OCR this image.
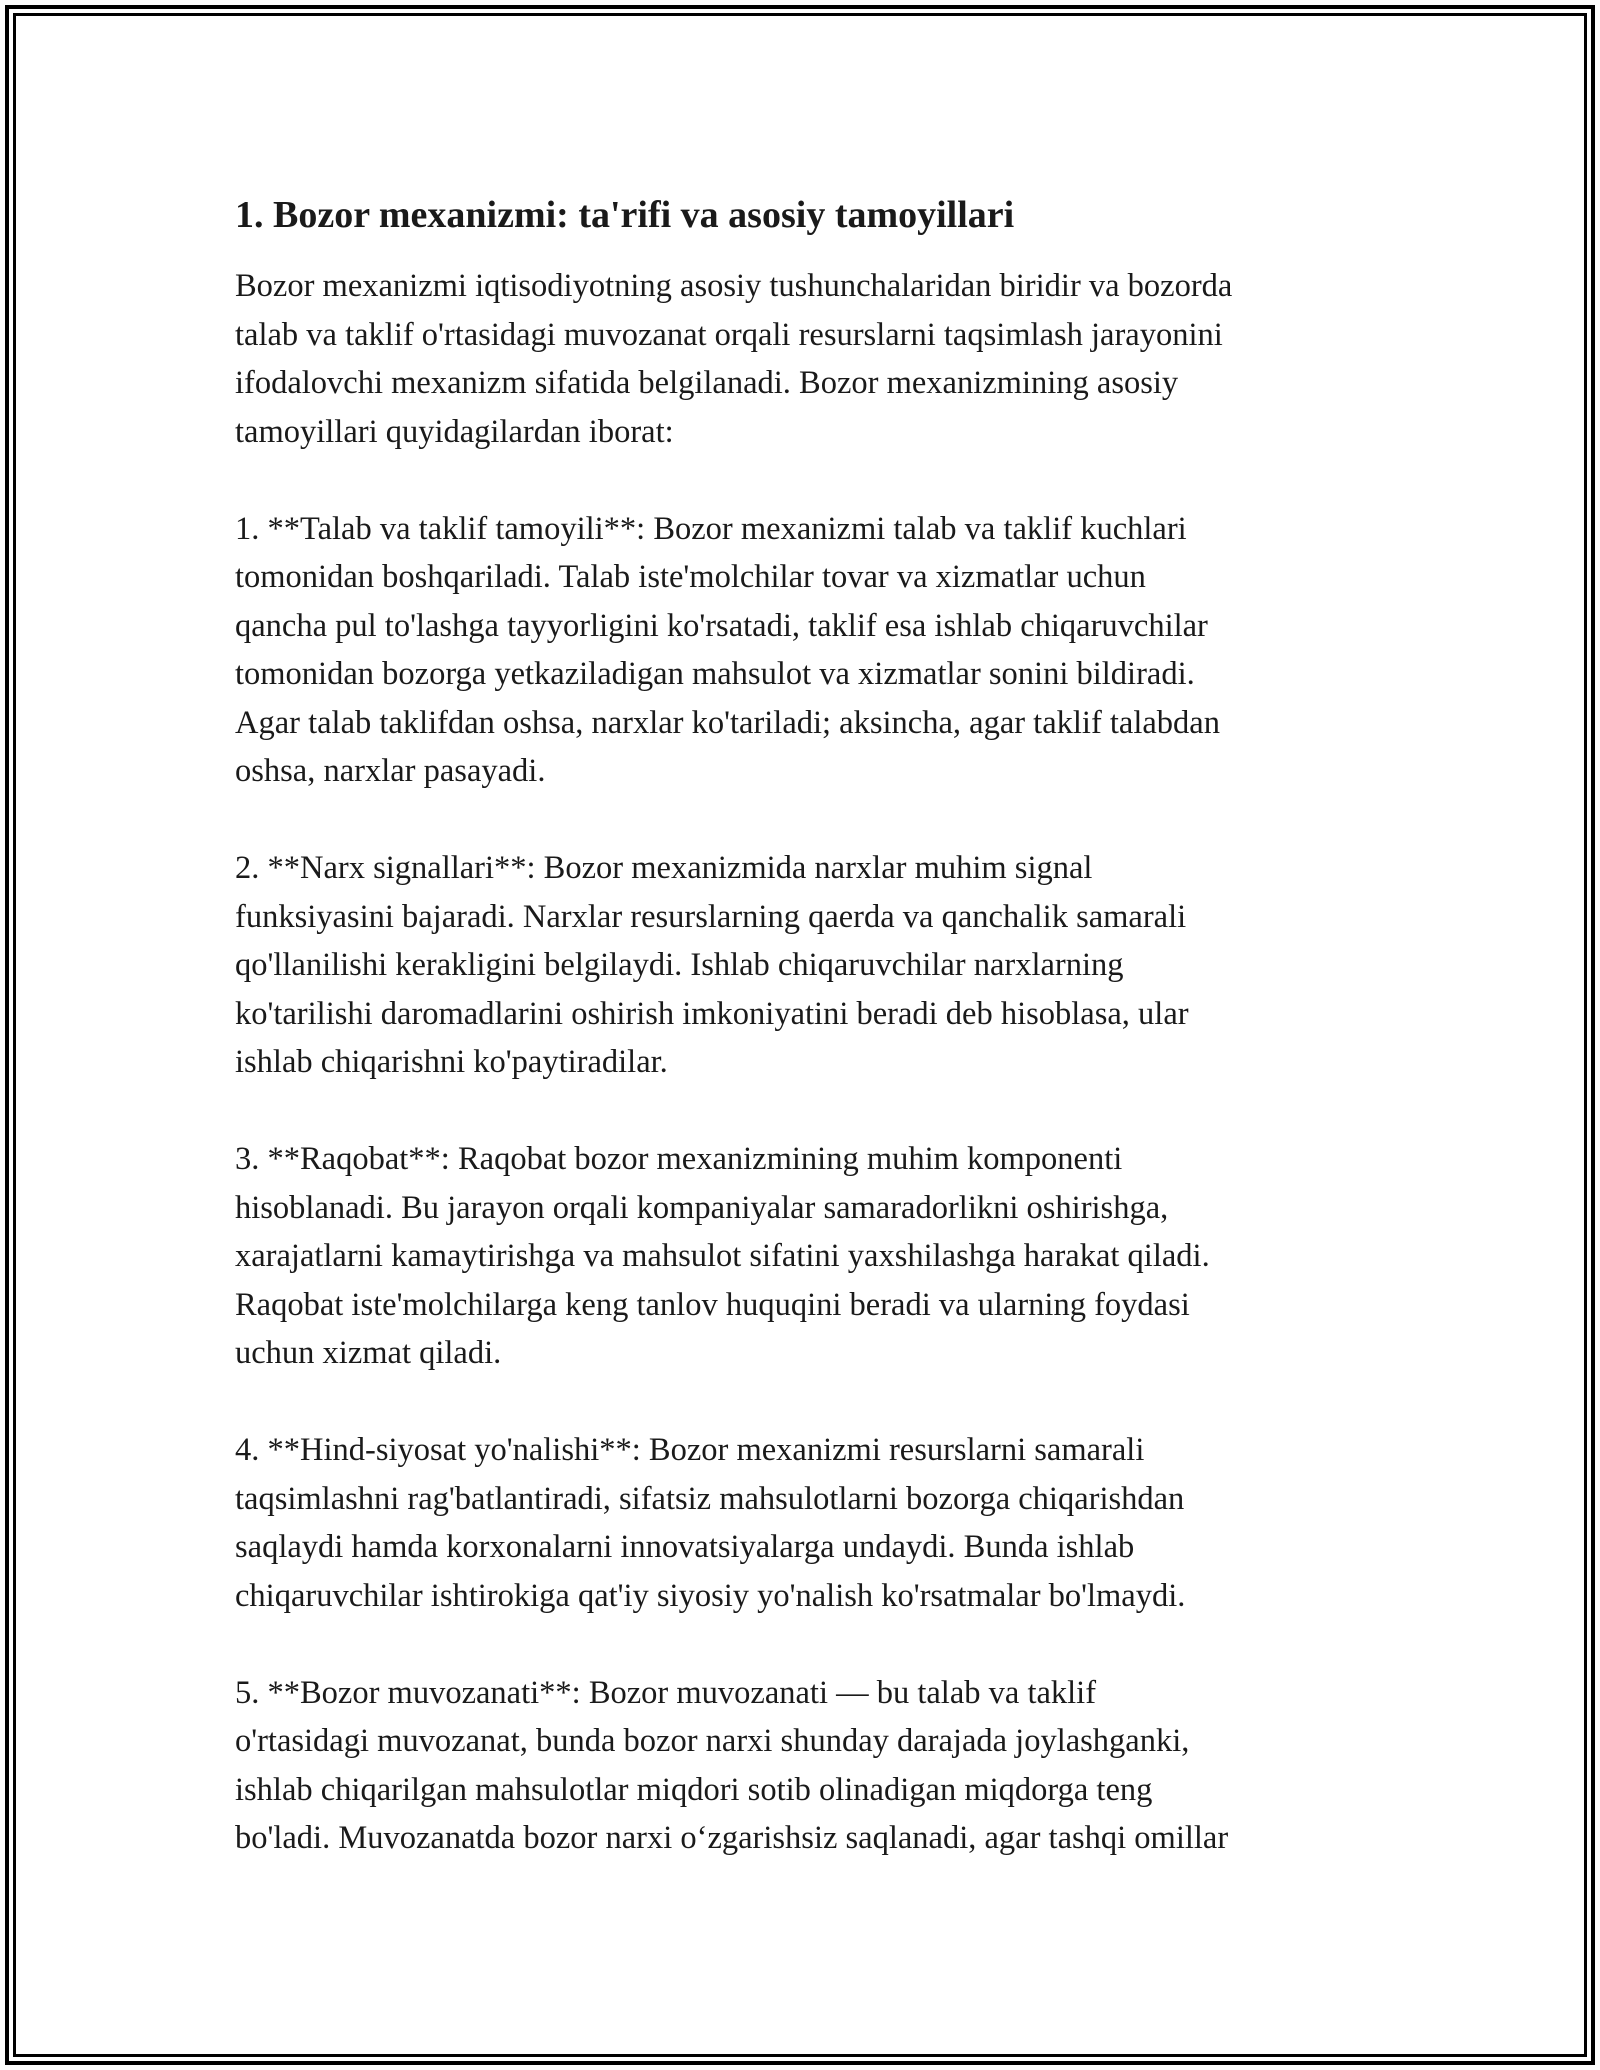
1. Bozor mexanizmi: ta'rifi va asosiy tamoyillari

Bozor mexanizmi iqtisodiyotning asosiy tushunchalaridan biridir va bozorda
talab va taklif o'rtasidagi muvozanat orqali resurslarni taqsimlash jarayonini
ifodalovchi mexanizm sifatida belgilanadi. Bozor mexanizmining asosiy
tamoyillari quyidagilardan iborat:

1. **Talab va taklif tamoyili**: Bozor mexanizmi talab va taklif kuchlari
tomonidan boshqariladi. Talab iste'molchilar tovar va xizmatlar uchun
qancha pul to'lashga tayyorligini ko'rsatadi, taklif esa ishlab chiqaruvchilar
tomonidan bozorga yetkaziladigan mahsulot va xizmatlar sonini bildiradi.
Agar talab taklifdan oshsa, narxlar ko'tariladi; aksincha, agar taklif talabdan
oshsa, narxlar pasayadi.

2. **Narx signallari**: Bozor mexanizmida narxlar muhim signal
funksiyasini bajaradi. Narxlar resurslarning qaerda va qanchalik samarali
qo'llanilishi kerakligini belgilaydi. Ishlab chiqaruvchilar narxlarning
ko'tarilishi daromadlarini oshirish imkoniyatini beradi deb hisoblasa, ular
ishlab chiqarishni ko'paytiradilar.

3. **Raqobat**: Raqobat bozor mexanizmining muhim komponenti
hisoblanadi. Bu jarayon orqali kompaniyalar samaradorlikni oshirishga,
xarajatlarni kamaytirishga va mahsulot sifatini yaxshilashga harakat qiladi.
Raqobat iste'molchilarga keng tanlov huquqini beradi va ularning foydasi
uchun xizmat qiladi.

4. **Hind-siyosat yo'nalishi**: Bozor mexanizmi resurslarni samarali
taqsimlashni rag'batlantiradi, sifatsiz mahsulotlarni bozorga chiqarishdan
saqlaydi hamda korxonalarni innovatsiyalarga undaydi. Bunda ishlab
chiqaruvchilar ishtirokiga qat'iy siyosiy yo'nalish ko'rsatmalar bo'lmaydi.

5. **Bozor muvozanati**: Bozor muvozanati — bu talab va taklif
o'rtasidagi muvozanat, bunda bozor narxi shunday darajada joylashganki,
ishlab chiqarilgan mahsulotlar miqdori sotib olinadigan miqdorga teng
bo'ladi. Muvozanatda bozor narxi o‘zgarishsiz saqlanadi, agar tashqi omillar
